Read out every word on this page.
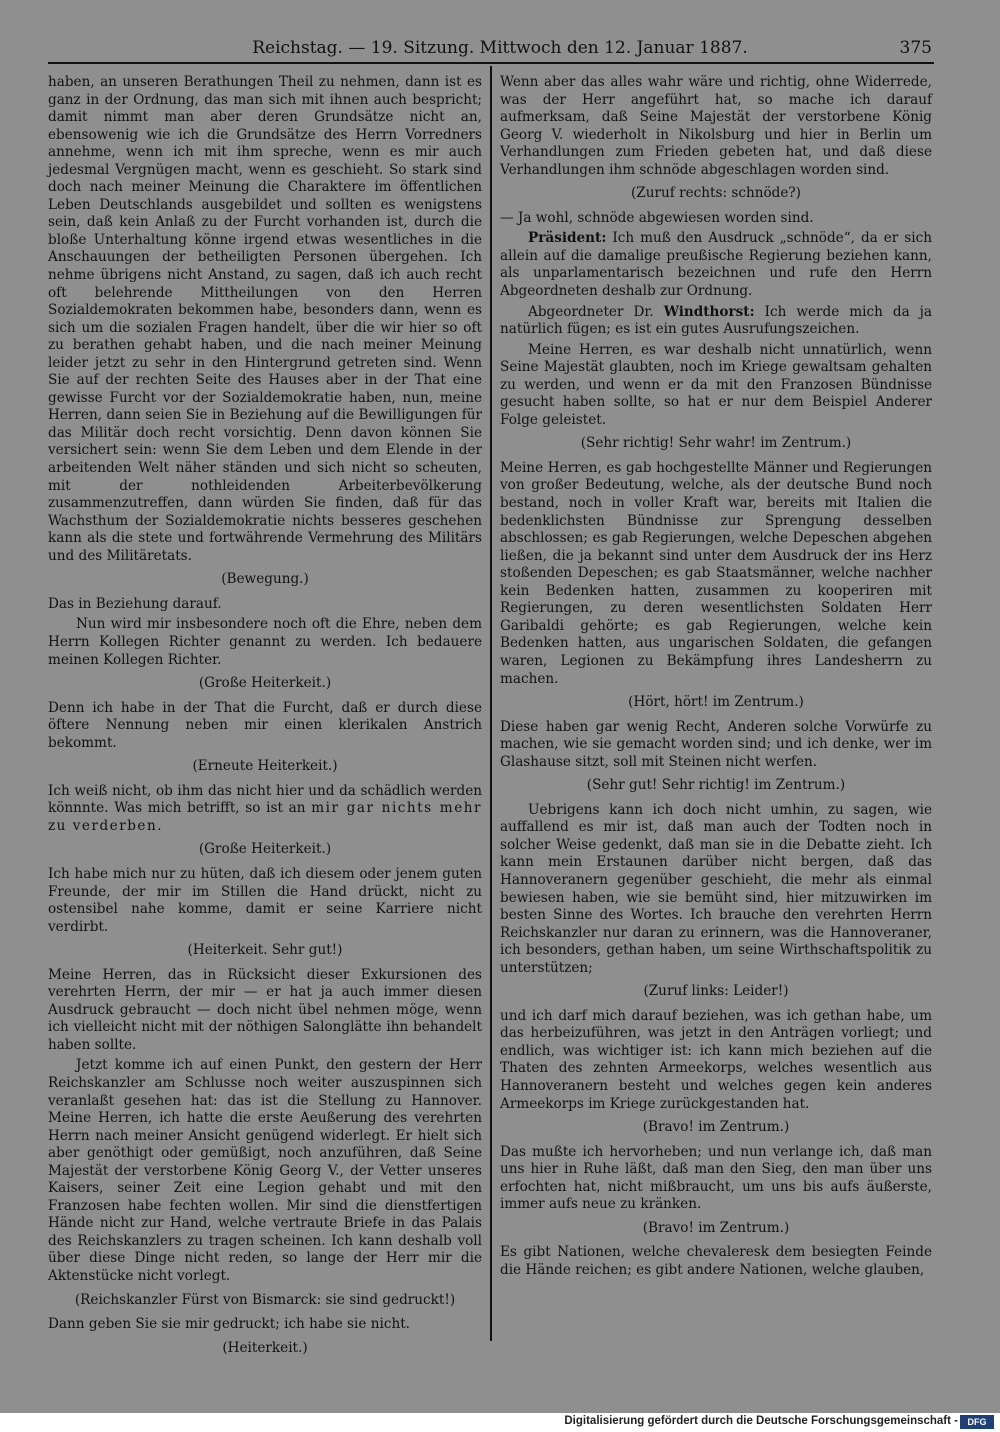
Reichstag. — 19. Sitzung. Mittwoch den 12. Januar 1887.	375

haben, an unseren Berathungen Theil zu nehmen, dann ist es ganz in der Ordnung, das man sich mit ihnen auch bespricht; damit nimmt man aber deren Grundsätze nicht an, ebensowenig wie ich die Grundsätze des Herrn Vorredners annehme, wenn ich mit ihm spreche, wenn es mir auch jedesmal Vergnügen macht, wenn es geschieht. So stark sind doch nach meiner Meinung die Charaktere im öffentlichen Leben Deutschlands ausgebildet und sollten es wenigstens sein, daß kein Anlaß zu der Furcht vorhanden ist, durch die bloße Unterhaltung könne irgend etwas wesentliches in die Anschauungen der betheiligten Personen übergehen. Ich nehme übrigens nicht Anstand, zu sagen, daß ich auch recht oft belehrende Mittheilungen von den Herren Sozialdemokraten bekommen habe, besonders dann, wenn es sich um die sozialen Fragen handelt, über die wir hier so oft zu berathen gehabt haben, und die nach meiner Meinung leider jetzt zu sehr in den Hintergrund getreten sind. Wenn Sie auf der rechten Seite des Hauses aber in der That eine gewisse Furcht vor der Sozialdemokratie haben, nun, meine Herren, dann seien Sie in Beziehung auf die Bewilligungen für das Militär doch recht vorsichtig. Denn davon können Sie versichert sein: wenn Sie dem Leben und dem Elende in der arbeitenden Welt näher ständen und sich nicht so scheuten, mit der nothleidenden Arbeiterbevölkerung zusammenzutreffen, dann würden Sie finden, daß für das Wachsthum der Sozialdemokratie nichts besseres geschehen kann als die stete und fortwährende Vermehrung des Militärs und des Militäretats.

(Bewegung.)

Das in Beziehung darauf.

Nun wird mir insbesondere noch oft die Ehre, neben dem Herrn Kollegen Richter genannt zu werden. Ich bedauere meinen Kollegen Richter.

(Große Heiterkeit.)

Denn ich habe in der That die Furcht, daß er durch diese öftere Nennung neben mir einen klerikalen Anstrich bekommt.

(Erneute Heiterkeit.)

Ich weiß nicht, ob ihm das nicht hier und da schädlich werden könnnte. Was mich betrifft, so ist an mir gar nichts mehr zu verderben.

(Große Heiterkeit.)

Ich habe mich nur zu hüten, daß ich diesem oder jenem guten Freunde, der mir im Stillen die Hand drückt, nicht zu ostensibel nahe komme, damit er seine Karriere nicht verdirbt.

(Heiterkeit. Sehr gut!)

Meine Herren, das in Rücksicht dieser Exkursionen des verehrten Herrn, der mir — er hat ja auch immer diesen Ausdruck gebraucht — doch nicht übel nehmen möge, wenn ich vielleicht nicht mit der nöthigen Salonglätte ihn behandelt haben sollte.

Jetzt komme ich auf einen Punkt, den gestern der Herr Reichskanzler am Schlusse noch weiter auszuspinnen sich veranlaßt gesehen hat: das ist die Stellung zu Hannover. Meine Herren, ich hatte die erste Aeußerung des verehrten Herrn nach meiner Ansicht genügend widerlegt. Er hielt sich aber genöthigt oder gemüßigt, noch anzuführen, daß Seine Majestät der verstorbene König Georg V., der Vetter unseres Kaisers, seiner Zeit eine Legion gehabt und mit den Franzosen habe fechten wollen. Mir sind die dienstfertigen Hände nicht zur Hand, welche vertraute Briefe in das Palais des Reichskanzlers zu tragen scheinen. Ich kann deshalb voll über diese Dinge nicht reden, so lange der Herr mir die Aktenstücke nicht vorlegt.

(Reichskanzler Fürst von Bismarck: sie sind gedruckt!)

Dann geben Sie sie mir gedruckt; ich habe sie nicht.

(Heiterkeit.)

Wenn aber das alles wahr wäre und richtig, ohne Widerrede, was der Herr angeführt hat, so mache ich darauf aufmerksam, daß Seine Majestät der verstorbene König Georg V. wiederholt in Nikolsburg und hier in Berlin um Verhandlungen zum Frieden gebeten hat, und daß diese Verhandlungen ihm schnöde abgeschlagen worden sind.

(Zuruf rechts: schnöde?)

— Ja wohl, schnöde abgewiesen worden sind.

Präsident: Ich muß den Ausdruck „schnöde“, da er sich allein auf die damalige preußische Regierung beziehen kann, als unparlamentarisch bezeichnen und rufe den Herrn Abgeordneten deshalb zur Ordnung.

Abgeordneter Dr. Windthorst: Ich werde mich da ja natürlich fügen; es ist ein gutes Ausrufungszeichen.

Meine Herren, es war deshalb nicht unnatürlich, wenn Seine Majestät glaubten, noch im Kriege gewaltsam gehalten zu werden, und wenn er da mit den Franzosen Bündnisse gesucht haben sollte, so hat er nur dem Beispiel Anderer Folge geleistet.

(Sehr richtig! Sehr wahr! im Zentrum.)

Meine Herren, es gab hochgestellte Männer und Regierungen von großer Bedeutung, welche, als der deutsche Bund noch bestand, noch in voller Kraft war, bereits mit Italien die bedenklichsten Bündnisse zur Sprengung desselben abschlossen; es gab Regierungen, welche Depeschen abgehen ließen, die ja bekannt sind unter dem Ausdruck der ins Herz stoßenden Depeschen; es gab Staatsmänner, welche nachher kein Bedenken hatten, zusammen zu kooperiren mit Regierungen, zu deren wesentlichsten Soldaten Herr Garibaldi gehörte; es gab Regierungen, welche kein Bedenken hatten, aus ungarischen Soldaten, die gefangen waren, Legionen zu Bekämpfung ihres Landesherrn zu machen.

(Hört, hört! im Zentrum.)

Diese haben gar wenig Recht, Anderen solche Vorwürfe zu machen, wie sie gemacht worden sind; und ich denke, wer im Glashause sitzt, soll mit Steinen nicht werfen.

(Sehr gut! Sehr richtig! im Zentrum.)

Uebrigens kann ich doch nicht umhin, zu sagen, wie auffallend es mir ist, daß man auch der Todten noch in solcher Weise gedenkt, daß man sie in die Debatte zieht. Ich kann mein Erstaunen darüber nicht bergen, daß das Hannoveranern gegenüber geschieht, die mehr als einmal bewiesen haben, wie sie bemüht sind, hier mitzuwirken im besten Sinne des Wortes. Ich brauche den verehrten Herrn Reichskanzler nur daran zu erinnern, was die Hannoveraner, ich besonders, gethan haben, um seine Wirthschaftspolitik zu unterstützen;

(Zuruf links: Leider!)

und ich darf mich darauf beziehen, was ich gethan habe, um das herbeizuführen, was jetzt in den Anträgen vorliegt; und endlich, was wichtiger ist: ich kann mich beziehen auf die Thaten des zehnten Armeekorps, welches wesentlich aus Hannoveranern besteht und welches gegen kein anderes Armeekorps im Kriege zurückgestanden hat.

(Bravo! im Zentrum.)

Das mußte ich hervorheben; und nun verlange ich, daß man uns hier in Ruhe läßt, daß man den Sieg, den man über uns erfochten hat, nicht mißbraucht, um uns bis aufs äußerste, immer aufs neue zu kränken.

(Bravo! im Zentrum.)

Es gibt Nationen, welche chevaleresk dem besiegten Feinde die Hände reichen; es gibt andere Nationen, welche glauben,

Digitalisierung gefördert durch die Deutsche Forschungsgemeinschaft -	DFG
